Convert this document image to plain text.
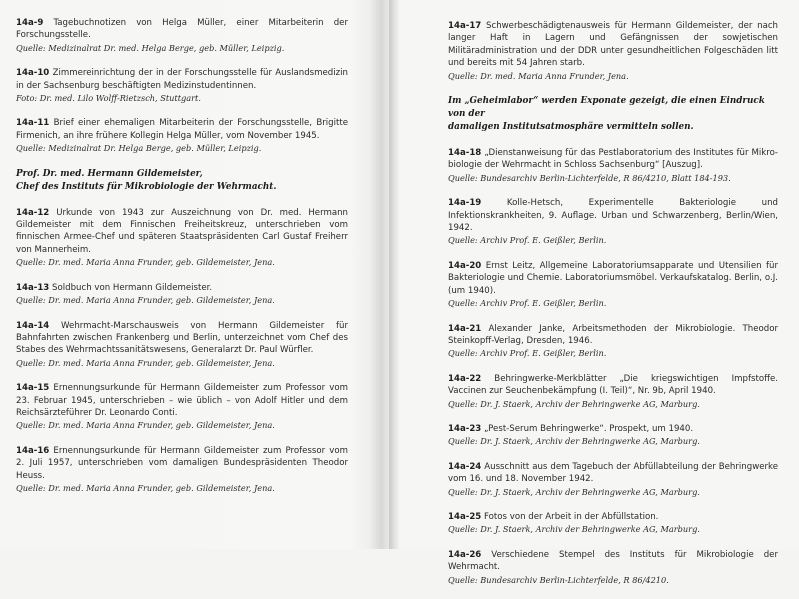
14a-9 Tagebuchnotizen von Helga Müller, einer Mitarbeiterin der Forschungsstelle.
Quelle: Medizinalrat Dr. med. Helga Berge, geb. Müller, Leipzig.
14a-10 Zimmereinrichtung der in der Forschungsstelle für Auslandsmedizin in der Sachsenburg beschäftigten Medizinstudentinnen.
Foto: Dr. med. Lilo Wolff-Rietzsch, Stuttgart.
14a-11 Brief einer ehemaligen Mitarbeiterin der Forschungsstelle, Brigitte Firmenich, an ihre frühere Kollegin Helga Müller, vom November 1945.
Quelle: Medizinalrat Dr. Helga Berge, geb. Müller, Leipzig.
Prof. Dr. med. Hermann Gildemeister,
Chef des Instituts für Mikrobiologie der Wehrmacht.
14a-12 Urkunde von 1943 zur Auszeichnung von Dr. med. Hermann Gildemeister mit dem Finnischen Freiheitskreuz, unterschrieben vom finnischen Armee-Chef und späteren Staatspräsidenten Carl Gustaf Freiherr von Mannerheim.
Quelle: Dr. med. Maria Anna Frunder, geb. Gildemeister, Jena.
14a-13 Soldbuch von Hermann Gildemeister.
Quelle: Dr. med. Maria Anna Frunder, geb. Gildemeister, Jena.
14a-14 Wehrmacht-Marschausweis von Hermann Gildemeister für Bahnfahrten zwischen Frankenberg und Berlin, unterzeichnet vom Chef des Stabes des Wehrmachtssanitätswesens, Generalarzt Dr. Paul Würfler.
Quelle: Dr. med. Maria Anna Frunder, geb. Gildemeister, Jena.
14a-15 Ernennungsurkunde für Hermann Gildemeister zum Professor vom 23. Februar 1945, unterschrieben – wie üblich – von Adolf Hitler und dem Reichsärzteführer Dr. Leonardo Conti.
Quelle: Dr. med. Maria Anna Frunder, geb. Gildemeister, Jena.
14a-16 Ernennungsurkunde für Hermann Gildemeister zum Professor vom 2. Juli 1957, unterschrieben vom damaligen Bundespräsidenten Theodor Heuss.
Quelle: Dr. med. Maria Anna Frunder, geb. Gildemeister, Jena.
14a-17 Schwerbeschädigtenausweis für Hermann Gildemeister, der nach langer Haft in Lagern und Gefängnissen der sowjetischen Militäradministration und der DDR unter gesundheitlichen Folgeschäden litt und bereits mit 54 Jahren starb.
Quelle: Dr. med. Maria Anna Frunder, Jena.
Im „Geheimlabor“ werden Exponate gezeigt, die einen Eindruck von der
damaligen Institutsatmosphäre vermitteln sollen.
14a-18 „Dienstanweisung für das Pestlaboratorium des Institutes für Mikrobiologie der Wehrmacht in Schloss Sachsenburg“ [Auszug].
Quelle: Bundesarchiv Berlin-Lichterfelde, R 86/4210, Blatt 184-193.
14a-19	Kolle-Hetsch, Experimentelle Bakteriologie und Infektionskrankheiten, 9. Auflage. Urban und Schwarzenberg, Berlin/Wien, 1942.
Quelle: Archiv Prof. E. Geißler, Berlin.
14a-20 Ernst Leitz, Allgemeine Laboratoriumsapparate und Utensilien für Bakteriologie und Chemie. Laboratoriumsmöbel. Verkaufskatalog. Berlin, o.J. (um 1940).
Quelle: Archiv Prof. E. Geißler, Berlin.
14a-21 Alexander Janke, Arbeitsmethoden der Mikrobiologie. Theodor Steinkopff-Verlag, Dresden, 1946.
Quelle: Archiv Prof. E. Geißler, Berlin.
14a-22 Behringwerke-Merkblätter „Die kriegswichtigen Impfstoffe. Vaccinen zur Seuchenbekämpfung (I. Teil)“, Nr. 9b, April 1940.
Quelle: Dr. J. Staerk, Archiv der Behringwerke AG, Marburg.
14a-23 „Pest-Serum Behringwerke“. Prospekt, um 1940.
Quelle: Dr. J. Staerk, Archiv der Behringwerke AG, Marburg.
14a-24 Ausschnitt aus dem Tagebuch der Abfüllabteilung der Behringwerke vom 16. und 18. November 1942.
Quelle: Dr. J. Staerk, Archiv der Behringwerke AG, Marburg.
14a-25 Fotos von der Arbeit in der Abfüllstation.
Quelle: Dr. J. Staerk, Archiv der Behringwerke AG, Marburg.
14a-26 Verschiedene Stempel des Instituts für Mikrobiologie der Wehrmacht.
Quelle: Bundesarchiv Berlin-Lichterfelde, R 86/4210.
